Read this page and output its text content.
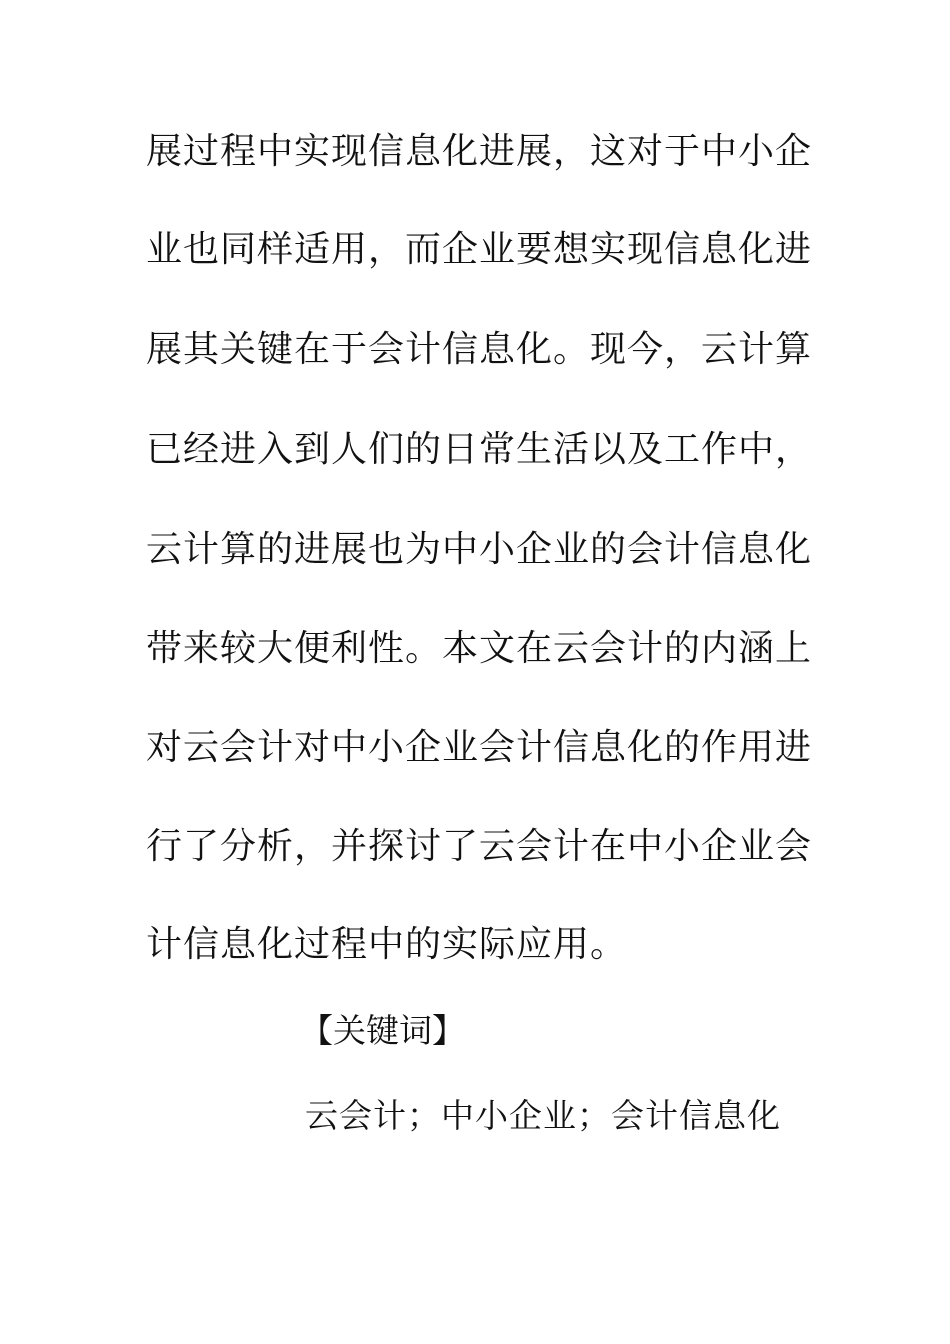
展过程中实现信息化进展，这对于中小企
业也同样适用，而企业要想实现信息化进
展其关键在于会计信息化。现今，云计算
已经进入到人们的日常生活以及工作中，
云计算的进展也为中小企业的会计信息化
带来较大便利性。本文在云会计的内涵上
对云会计对中小企业会计信息化的作用进
行了分析，并探讨了云会计在中小企业会
计信息化过程中的实际应用。
【关键词】
云会计；中小企业；会计信息化
